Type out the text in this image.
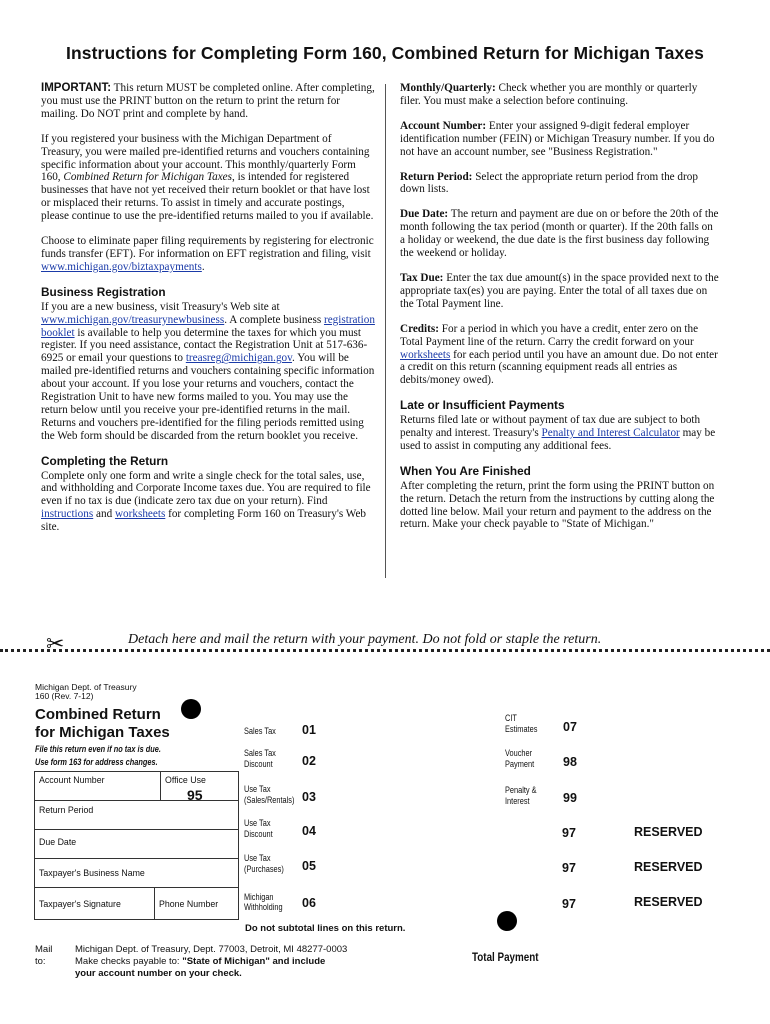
Instructions for Completing Form 160, Combined Return for Michigan Taxes

IMPORTANT: This return MUST be completed online. After completing, you must use the PRINT button on the return to print the return for mailing. Do NOT print and complete by hand.

If you registered your business with the Michigan Department of Treasury, you were mailed pre-identified returns and vouchers containing specific information about your account. This monthly/quarterly Form 160, Combined Return for Michigan Taxes, is intended for registered businesses that have not yet received their return booklet or that have lost or misplaced their returns. To assist in timely and accurate postings, please continue to use the pre-identified returns mailed to you if available.

Choose to eliminate paper filing requirements by registering for electronic funds transfer (EFT). For information on EFT registration and filing, visit www.michigan.gov/biztaxpayments.

Business Registration

If you are a new business, visit Treasury's Web site at www.michigan.gov/treasurynewbusiness. A complete business registration booklet is available to help you determine the taxes for which you must register. If you need assistance, contact the Registration Unit at 517-636-6925 or email your questions to treasreg@michigan.gov. You will be mailed pre-identified returns and vouchers containing specific information about your account. If you lose your returns and vouchers, contact the Registration Unit to have new forms mailed to you. You may use the return below until you receive your pre-identified returns in the mail. Returns and vouchers pre-identified for the filing periods remitted using the Web form should be discarded from the return booklet you receive.

Completing the Return

Complete only one form and write a single check for the total sales, use, and withholding and Corporate Income taxes due. You are required to file even if no tax is due (indicate zero tax due on your return). Find instructions and worksheets for completing Form 160 on Treasury's Web site.

Monthly/Quarterly: Check whether you are monthly or quarterly filer. You must make a selection before continuing.

Account Number: Enter your assigned 9-digit federal employer identification number (FEIN) or Michigan Treasury number. If you do not have an account number, see "Business Registration."

Return Period: Select the appropriate return period from the drop down lists.

Due Date: The return and payment are due on or before the 20th of the month following the tax period (month or quarter). If the 20th falls on a holiday or weekend, the due date is the first business day following the weekend or holiday.

Tax Due: Enter the tax due amount(s) in the space provided next to the appropriate tax(es) you are paying. Enter the total of all taxes due on the Total Payment line.

Credits: For a period in which you have a credit, enter zero on the Total Payment line of the return. Carry the credit forward on your worksheets for each period until you have an amount due. Do not enter a credit on this return (scanning equipment reads all entries as debits/money owed).

Late or Insufficient Payments

Returns filed late or without payment of tax due are subject to both penalty and interest. Treasury's Penalty and Interest Calculator may be used to assist in computing any additional fees.

When You Are Finished

After completing the return, print the form using the PRINT button on the return. Detach the return from the instructions by cutting along the dotted line below. Mail your return and payment to the address on the return. Make your check payable to "State of Michigan."

✂	Detach here and mail the return with your payment. Do not fold or staple the return.
Michigan Dept. of Treasury
160 (Rev. 7-12)
Combined Return
for Michigan Taxes
File this return even if no tax is due.
Use form 163 for address changes.
Account Number	Office Use
95
Return Period
Due Date
Taxpayer's Business Name
Taxpayer's Signature	Phone Number
Sales Tax 01
Sales Tax
Discount 02
Use Tax
(Sales/Rentals) 03
Use Tax
Discount 04
Use Tax
(Purchases) 05
Michigan
Withholding 06
CIT
Estimates 07
Voucher
Payment 98
Penalty &
Interest	99
97	RESERVED
97	RESERVED
97	RESERVED
Do not subtotal lines on this return.
Mail to:
Michigan Dept. of Treasury, Dept. 77003, Detroit, MI 48277-0003
Make checks payable to: "State of Michigan" and include
your account number on your check.
Total Payment
